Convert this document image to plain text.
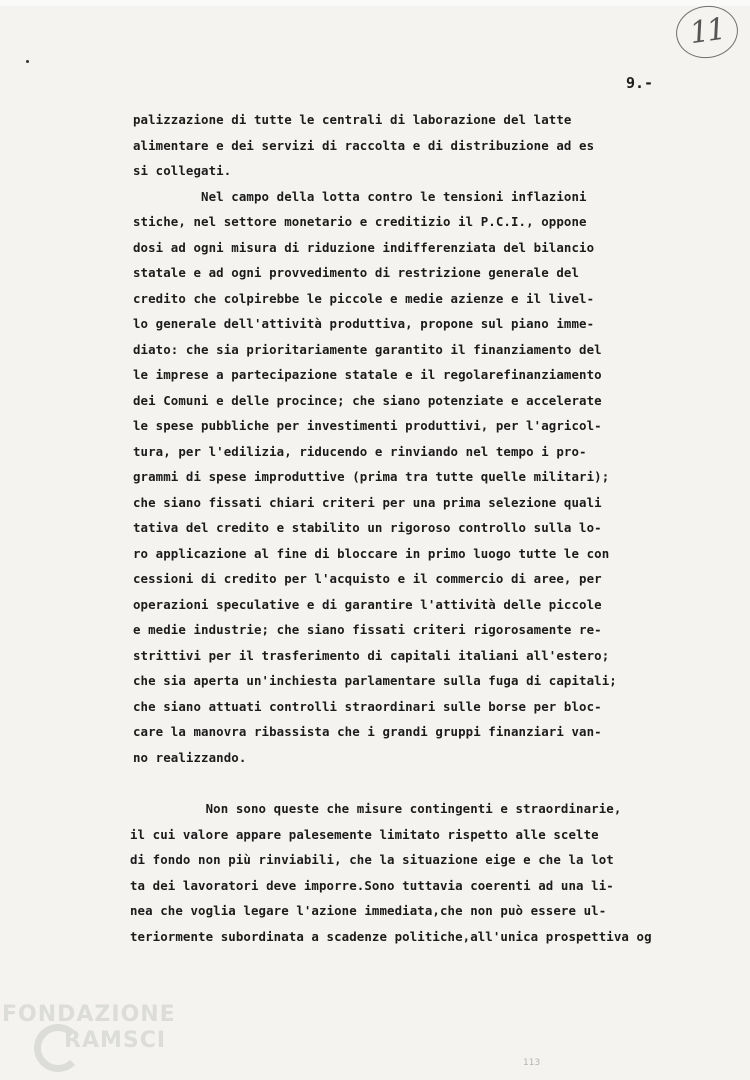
11
9.-
palizzazione di tutte le centrali di laborazione del latte
alimentare e dei servizi di raccolta e di distribuzione ad es
si collegati.
Nel campo della lotta contro le tensioni inflazioni
stiche, nel settore monetario e creditizio il P.C.I., oppone
dosi ad ogni misura di riduzione indifferenziata del bilancio
statale e ad ogni provvedimento di restrizione generale del
credito che colpirebbe le piccole e medie azienze e il livel-
lo generale dell'attività produttiva, propone sul piano imme-
diato: che sia prioritariamente garantito il finanziamento del
le imprese a partecipazione statale e il regolarefinanziamento
dei Comuni e delle procince; che siano potenziate e accelerate
le spese pubbliche per investimenti produttivi, per l'agricol-
tura, per l'edilizia, riducendo e rinviando nel tempo i pro-
grammi di spese improduttive (prima tra tutte quelle militari);
che siano fissati chiari criteri per una prima selezione quali
tativa del credito e stabilito un rigoroso controllo sulla lo-
ro applicazione al fine di bloccare in primo luogo tutte le con
cessioni di credito per l'acquisto e il commercio di aree, per
operazioni speculative e di garantire l'attività delle piccole
e medie industrie; che siano fissati criteri rigorosamente re-
strittivi per il trasferimento di capitali italiani all'estero;
che sia aperta un'inchiesta parlamentare sulla fuga di capitali;
che siano attuati controlli straordinari sulle borse per bloc-
care la manovra ribassista che i grandi gruppi finanziari van-
no realizzando.
Non sono queste che misure contingenti e straordinarie,
il cui valore appare palesemente limitato rispetto alle scelte
di fondo non più rinviabili, che la situazione eige e che la lot
ta dei lavoratori deve imporre.Sono tuttavia coerenti ad una li-
nea che voglia legare l'azione immediata,che non può essere ul-
teriormente subordinata a scadenze politiche,all'unica prospettiva og
FONDAZIONE
RAMSCI
113
